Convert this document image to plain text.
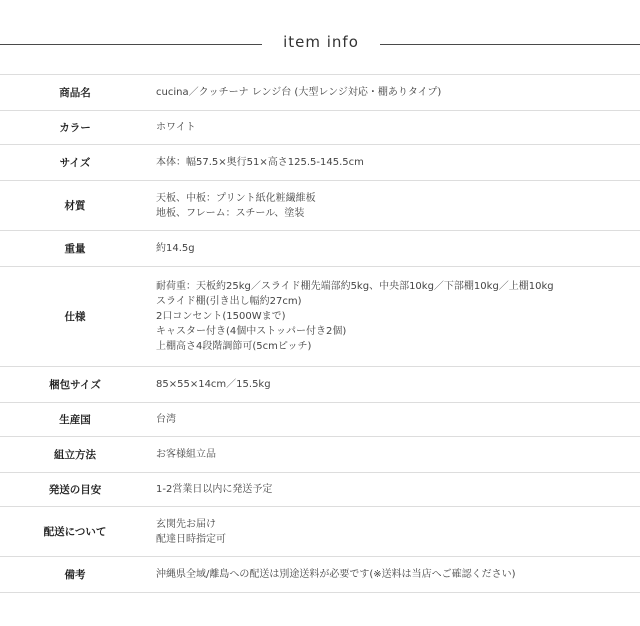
item info
商品名	cucina／クッチーナ レンジ台 (大型レンジ対応・棚ありタイプ)

カラー	ホワイト

サイズ	本体：幅57.5×奥行51×高さ125.5-145.5cm

材質	天板、中板：プリント紙化粧繊維板
地板、フレーム：スチール、塗装

重量	約14.5g

仕様	耐荷重：天板約25kg／スライド棚先端部約5kg、中央部10kg／下部棚10kg／上棚10kg
スライド棚(引き出し幅約27cm)
2口コンセント(1500Wまで)
キャスター付き(4個中ストッパー付き2個)
上棚高さ4段階調節可(5cmピッチ)

梱包サイズ	85×55×14cm／15.5kg

生産国	台湾

組立方法	お客様組立品

発送の目安	1-2営業日以内に発送予定

配送について	玄関先お届け
配達日時指定可

備考	沖縄県全域/離島への配送は別途送料が必要です(※送料は当店へご確認ください)
